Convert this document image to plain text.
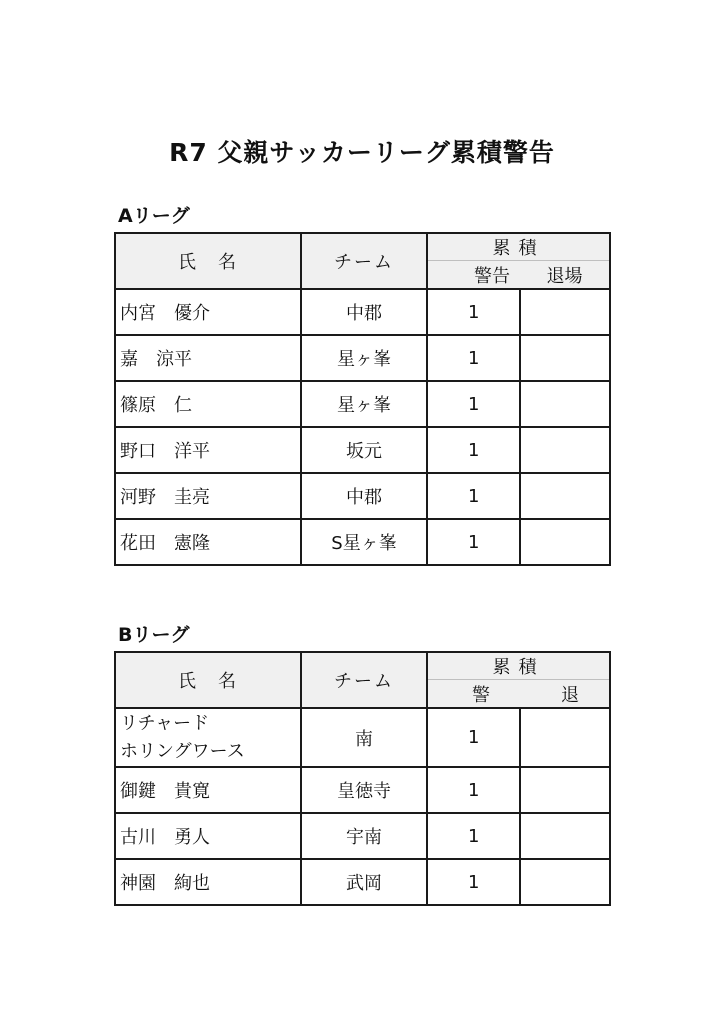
R7 父親サッカーリーグ累積警告
Aリーグ
氏　名	チーム	累積	
		警告	退場
内宮　優介	中郡	1	
嘉　涼平	星ヶ峯	1	
篠原　仁	星ヶ峯	1	
野口　洋平	坂元	1	
河野　圭亮	中郡	1	
花田　憲隆	S星ヶ峯	1	
Bリーグ
氏　名	チーム	累積	
		警	退

リチャード
ホリングワース	南	1	
御鍵　貴寛	皇徳寺	1	
古川　勇人	宇南	1	
神園　絢也	武岡	1	
